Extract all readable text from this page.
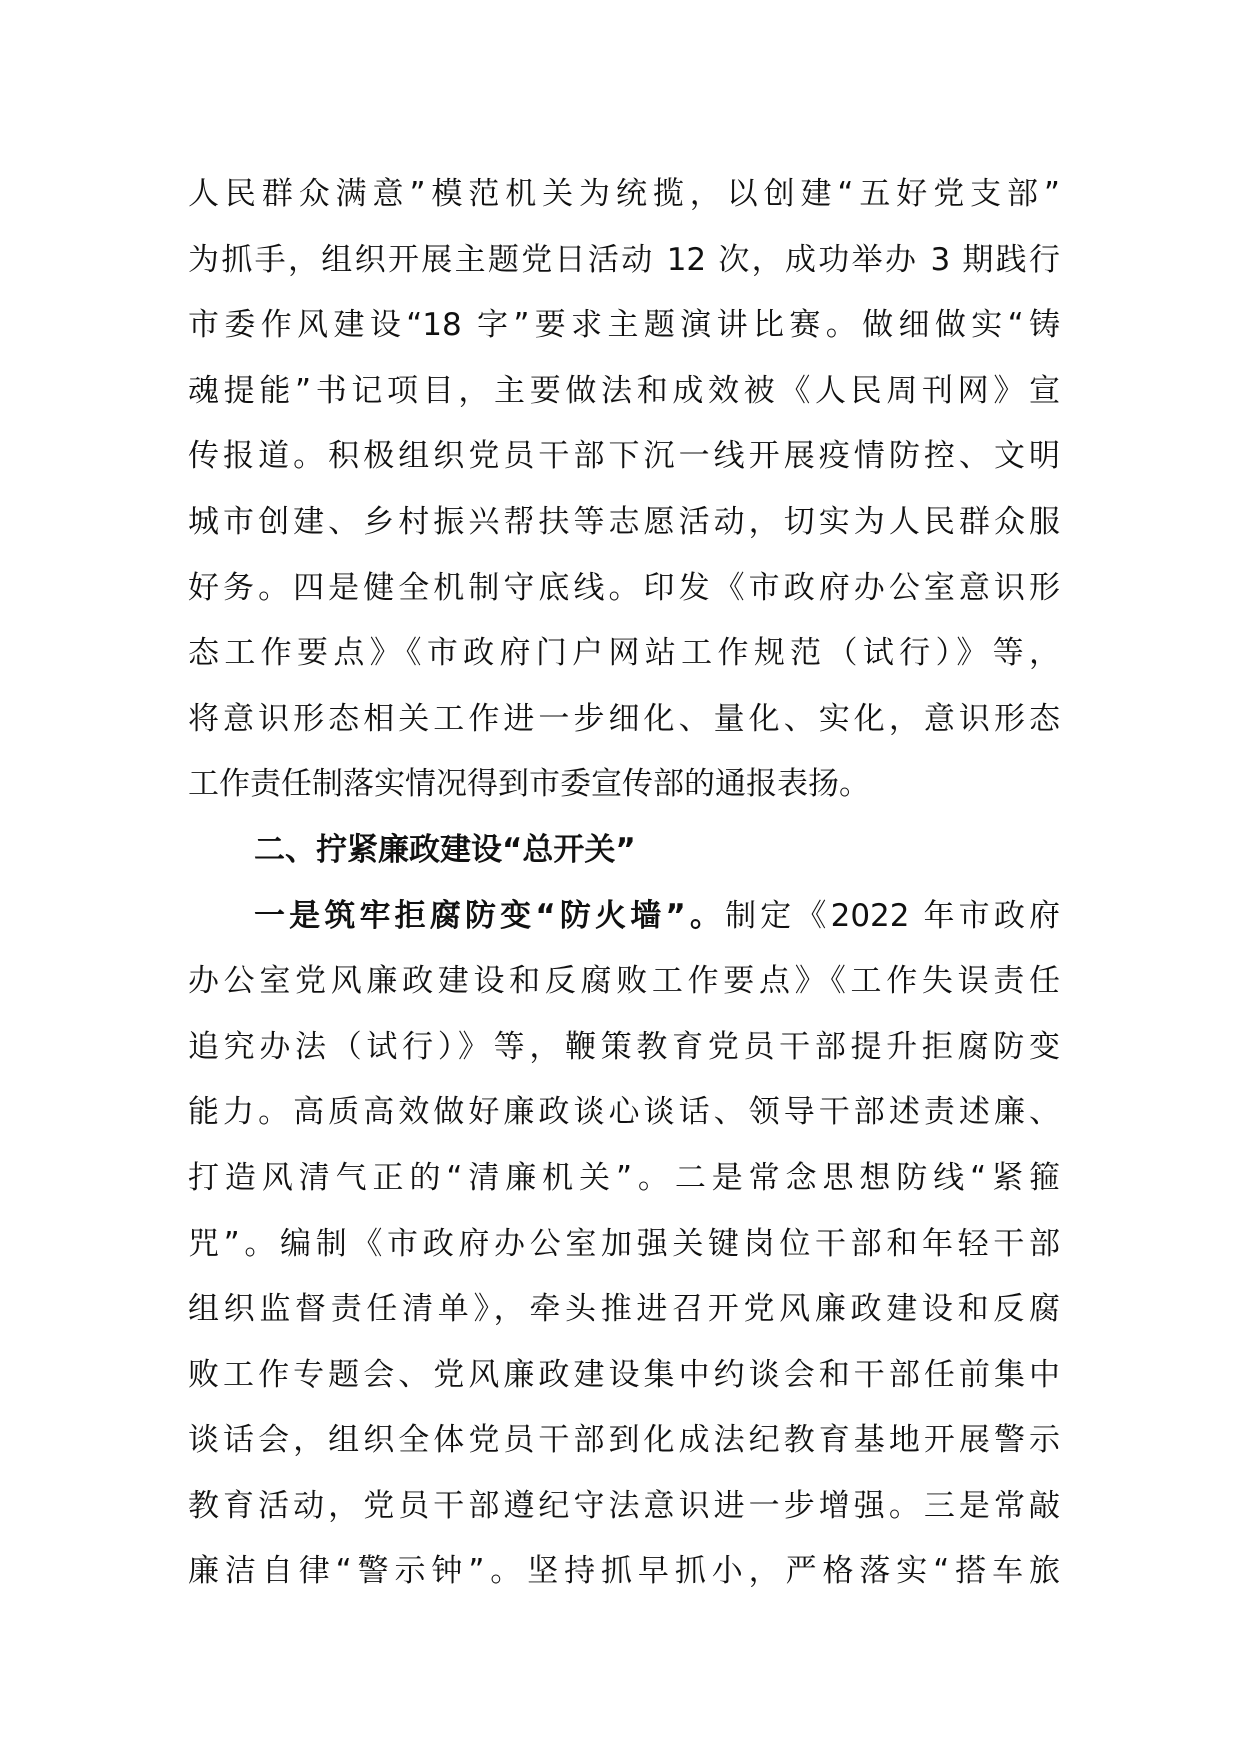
人民群众满意”模范机关为统揽，以创建“五好党支部”
为抓手，组织开展主题党日活动 12 次，成功举办 3 期践行
市委作风建设“18 字”要求主题演讲比赛。做细做实“铸
魂提能”书记项目，主要做法和成效被《人民周刊网》宣
传报道。积极组织党员干部下沉一线开展疫情防控、文明
城市创建、乡村振兴帮扶等志愿活动，切实为人民群众服
好务。四是健全机制守底线。印发《市政府办公室意识形
态工作要点》《市政府门户网站工作规范（试行）》等，
将意识形态相关工作进一步细化、量化、实化，意识形态
工作责任制落实情况得到市委宣传部的通报表扬。
二、拧紧廉政建设“总开关”
一是筑牢拒腐防变“防火墙”。制定《2022 年市政府
办公室党风廉政建设和反腐败工作要点》《工作失误责任
追究办法（试行）》等，鞭策教育党员干部提升拒腐防变
能力。高质高效做好廉政谈心谈话、领导干部述责述廉、
打造风清气正的“清廉机关”。二是常念思想防线“紧箍
咒”。编制《市政府办公室加强关键岗位干部和年轻干部
组织监督责任清单》，牵头推进召开党风廉政建设和反腐
败工作专题会、党风廉政建设集中约谈会和干部任前集中
谈话会，组织全体党员干部到化成法纪教育基地开展警示
教育活动，党员干部遵纪守法意识进一步增强。三是常敲
廉洁自律“警示钟”。坚持抓早抓小，严格落实“搭车旅
